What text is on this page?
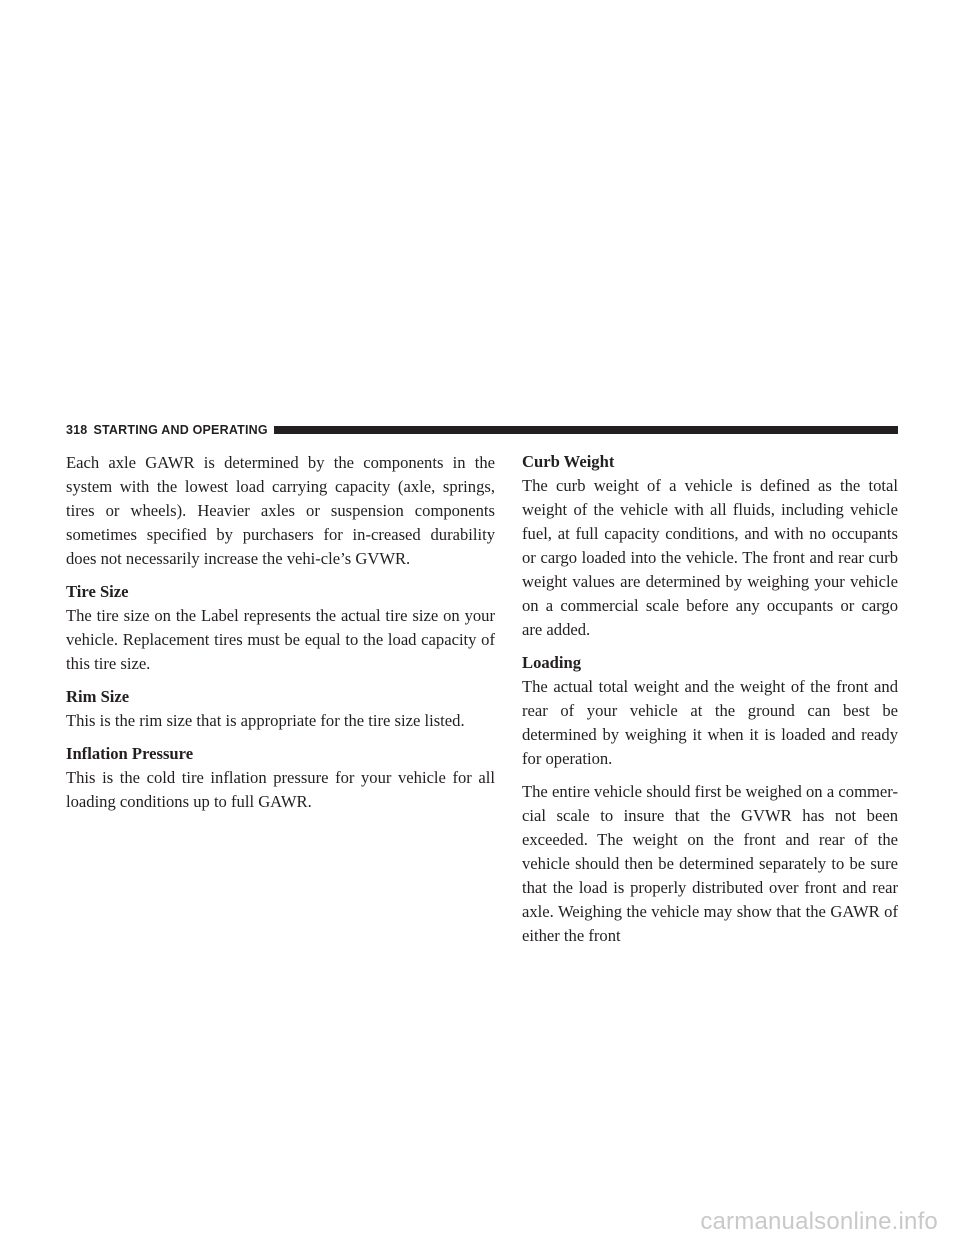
318 STARTING AND OPERATING

Each axle GAWR is determined by the components in the system with the lowest load carrying capacity (axle, springs, tires or wheels). Heavier axles or suspension components sometimes specified by purchasers for in-creased durability does not necessarily increase the vehi-cle’s GVWR.

Tire Size

The tire size on the Label represents the actual tire size on your vehicle. Replacement tires must be equal to the load capacity of this tire size.

Rim Size

This is the rim size that is appropriate for the tire size listed.

Inflation Pressure

This is the cold tire inflation pressure for your vehicle for all loading conditions up to full GAWR.

Curb Weight

The curb weight of a vehicle is defined as the total weight of the vehicle with all fluids, including vehicle fuel, at full capacity conditions, and with no occupants or cargo loaded into the vehicle. The front and rear curb weight values are determined by weighing your vehicle on a commercial scale before any occupants or cargo are added.

Loading

The actual total weight and the weight of the front and rear of your vehicle at the ground can best be determined by weighing it when it is loaded and ready for operation.

The entire vehicle should first be weighed on a commer-cial scale to insure that the GVWR has not been exceeded. The weight on the front and rear of the vehicle should then be determined separately to be sure that the load is properly distributed over front and rear axle. Weighing the vehicle may show that the GAWR of either the front

carmanualsonline.info
